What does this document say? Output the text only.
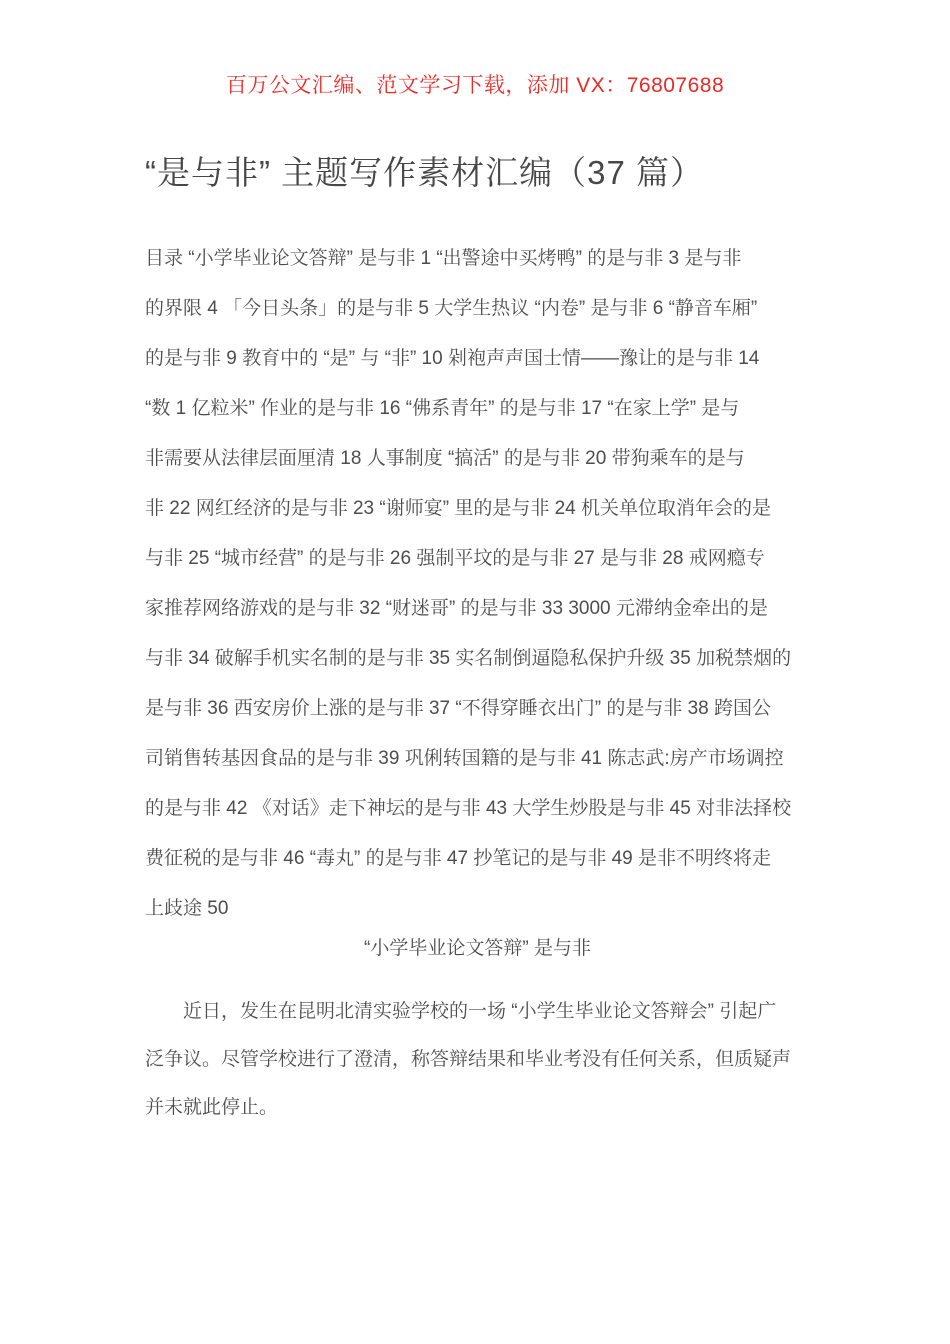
百万公文汇编、范文学习下载，添加 VX：76807688
“是与非” 主题写作素材汇编（37 篇）
目录 “小学毕业论文答辩” 是与非 1 “出警途中买烤鸭” 的是与非 3 是与非
的界限 4 「今日头条」的是与非 5 大学生热议 “内卷” 是与非 6 “静音车厢”
的是与非 9 教育中的 “是” 与 “非” 10 剁袍声声国士情——豫让的是与非 14
“数 1 亿粒米” 作业的是与非 16 “佛系青年” 的是与非 17 “在家上学” 是与
非需要从法律层面厘清 18 人事制度 “搞活” 的是与非 20 带狗乘车的是与
非 22 网红经济的是与非 23 “谢师宴” 里的是与非 24 机关单位取消年会的是
与非 25 “城市经营” 的是与非 26 强制平坟的是与非 27 是与非 28 戒网瘾专
家推荐网络游戏的是与非 32 “财迷哥” 的是与非 33 3000 元滞纳金牵出的是
与非 34 破解手机实名制的是与非 35 实名制倒逼隐私保护升级 35 加税禁烟的
是与非 36 西安房价上涨的是与非 37 “不得穿睡衣出门” 的是与非 38 跨国公
司销售转基因食品的是与非 39 巩俐转国籍的是与非 41 陈志武:房产市场调控
的是与非 42 《对话》走下神坛的是与非 43 大学生炒股是与非 45 对非法择校
费征税的是与非 46 “毒丸” 的是与非 47 抄笔记的是与非 49 是非不明终将走
上歧途 50
“小学毕业论文答辩” 是与非
近日，发生在昆明北清实验学校的一场 “小学生毕业论文答辩会” 引起广
泛争议。尽管学校进行了澄清，称答辩结果和毕业考没有任何关系，但质疑声
并未就此停止。
